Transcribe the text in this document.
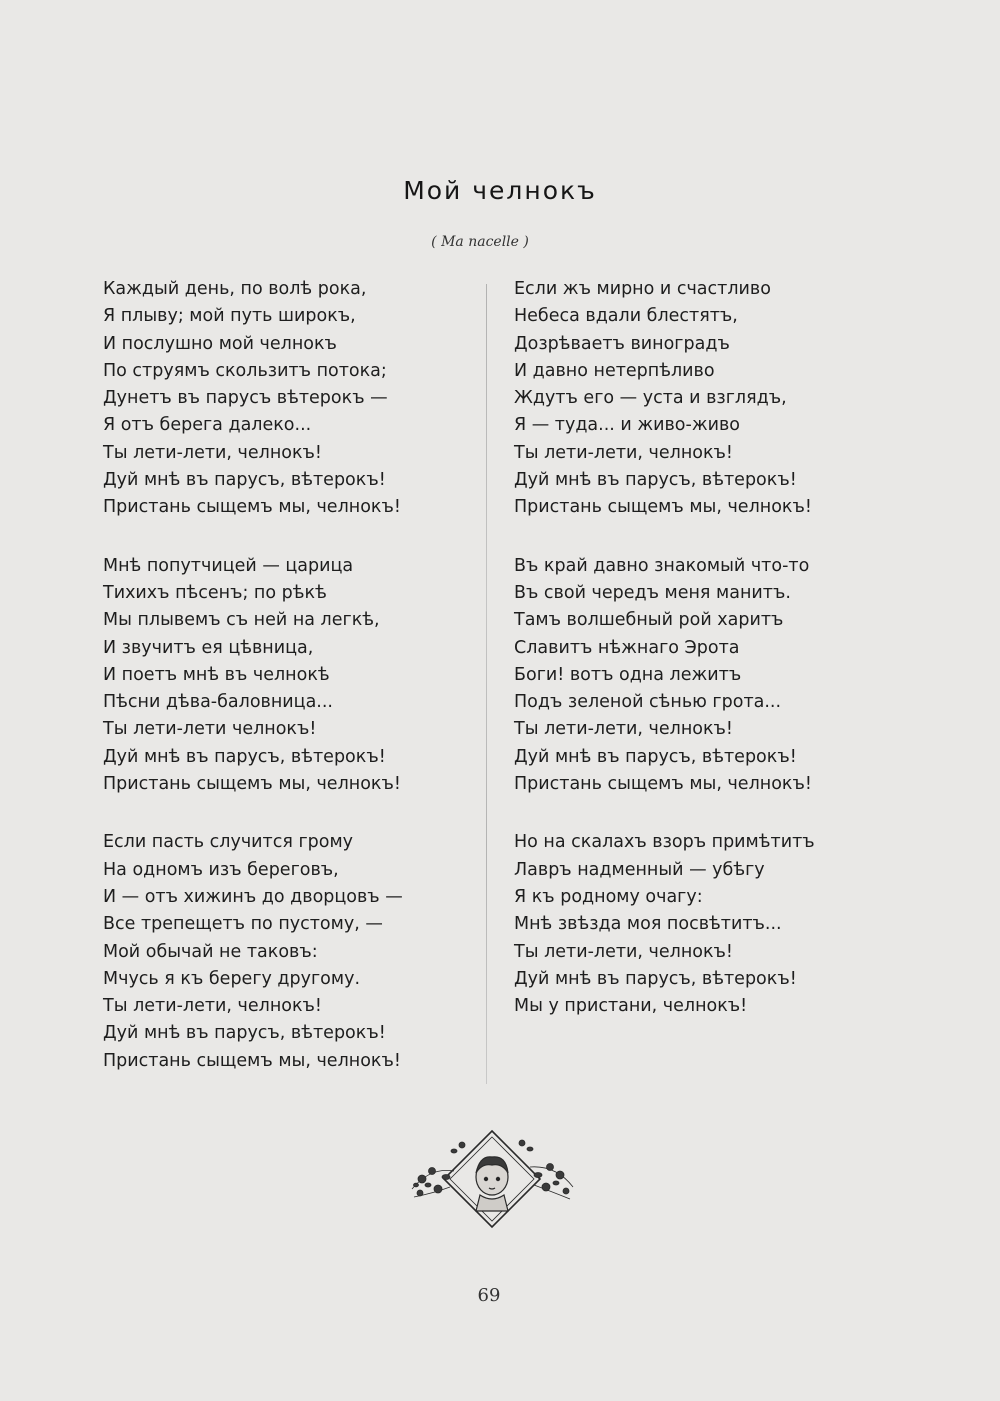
Мой челнокъ
( Ma nacelle )
Каждый день, по волѣ рока,
Я плыву; мой путь широкъ,
И послушно мой челнокъ
По струямъ скользитъ потока;
Дунетъ въ парусъ вѣтерокъ —
Я отъ берега далеко...
Ты лети-лети, челнокъ!
Дуй мнѣ въ парусъ, вѣтерокъ!
Пристань сыщемъ мы, челнокъ!
Мнѣ попутчицей — царица
Тихихъ пѣсенъ; по рѣкѣ
Мы плывемъ съ ней на легкѣ,
И звучитъ ея цѣвница,
И поетъ мнѣ въ челнокѣ
Пѣсни дѣва-баловница...
Ты лети-лети челнокъ!
Дуй мнѣ въ парусъ, вѣтерокъ!
Пристань сыщемъ мы, челнокъ!
Если пасть случится грому
На одномъ изъ береговъ,
И — отъ хижинъ до дворцовъ —
Все трепещетъ по пустому, —
Мой обычай не таковъ:
Мчусь я къ берегу другому.
Ты лети-лети, челнокъ!
Дуй мнѣ въ парусъ, вѣтерокъ!
Пристань сыщемъ мы, челнокъ!
Если жъ мирно и счастливо
Небеса вдали блестятъ,
Дозрѣваетъ виноградъ
И давно нетерпѣливо
Ждутъ его — уста и взглядъ,
Я — туда... и живо-живо
Ты лети-лети, челнокъ!
Дуй мнѣ въ парусъ, вѣтерокъ!
Пристань сыщемъ мы, челнокъ!
Въ край давно знакомый что-то
Въ свой чередъ меня манитъ.
Тамъ волшебный рой харитъ
Славитъ нѣжнаго Эрота
Боги! вотъ одна лежитъ
Подъ зеленой сѣнью грота...
Ты лети-лети, челнокъ!
Дуй мнѣ въ парусъ, вѣтерокъ!
Пристань сыщемъ мы, челнокъ!
Но на скалахъ взоръ примѣтитъ
Лавръ надменный — убѣгу
Я къ родному очагу:
Мнѣ звѣзда моя посвѣтитъ...
Ты лети-лети, челнокъ!
Дуй мнѣ въ парусъ, вѣтерокъ!
Мы у пристани, челнокъ!
69
